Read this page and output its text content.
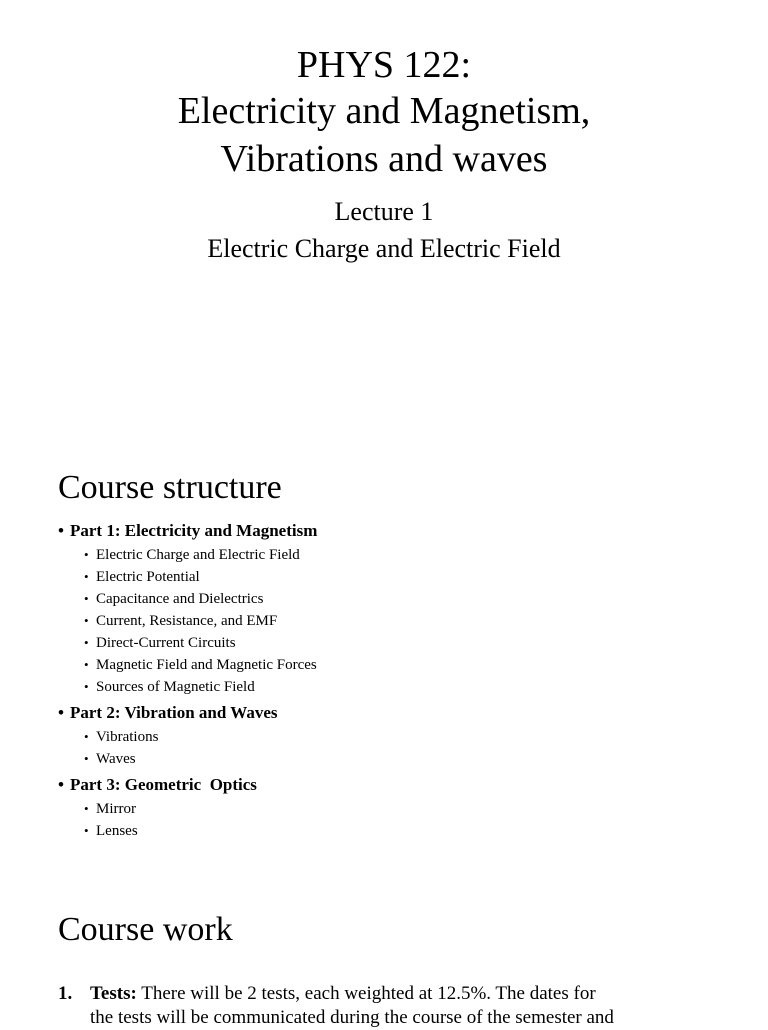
PHYS 122:
Electricity and Magnetism,
Vibrations and waves
Lecture 1
Electric Charge and Electric Field
Course structure

• Part 1: Electricity and Magnetism

• Electric Charge and Electric Field
• Electric Potential
• Capacitance and Dielectrics
• Current, Resistance, and EMF
• Direct-Current Circuits
• Magnetic Field and Magnetic Forces
• Sources of Magnetic Field

• Part 2: Vibration and Waves

• Vibrations
• Waves

• Part 3: Geometric  Optics

• Mirror
• Lenses
Course work
1. Tests: There will be 2 tests, each weighted at 12.5%. The dates for
the tests will be communicated during the course of the semester and
